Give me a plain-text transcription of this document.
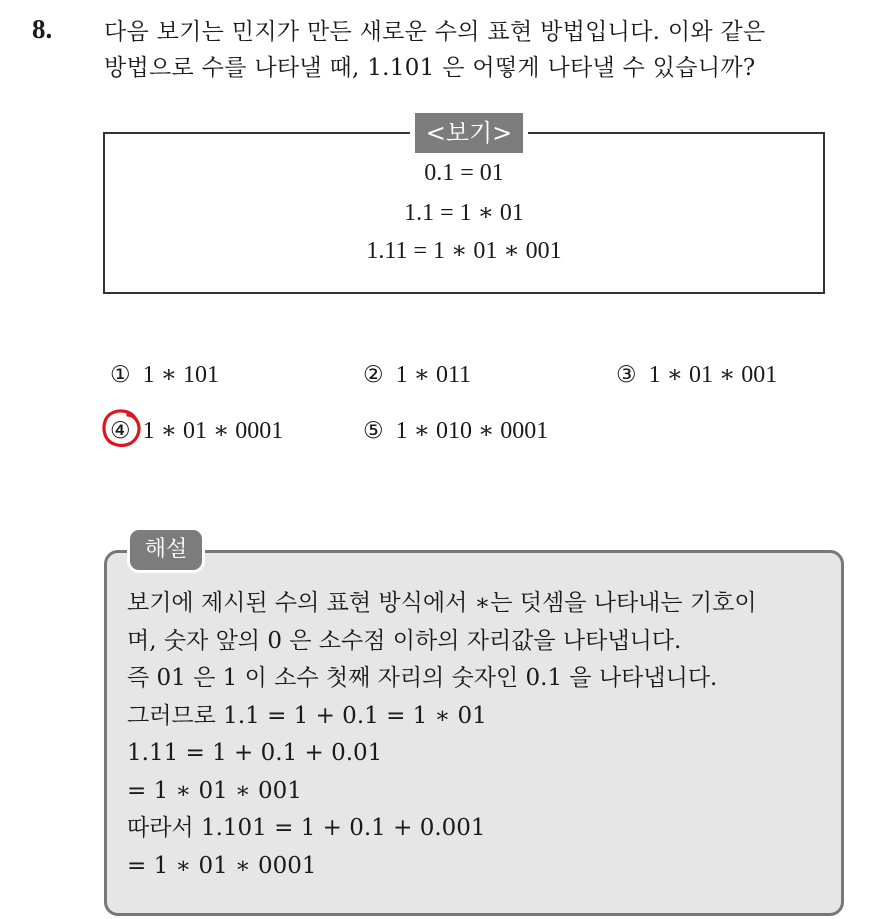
8. 다음 보기는 민지가 만든 새로운 수의 표현 방법입니다. 이와 같은
방법으로 수를 나타낼 때, 1.101 은 어떻게 나타낼 수 있습니까?
<보기>
0.1 = 01
1.1 = 1 ∗ 01
1.11 = 1 ∗ 01 ∗ 001
① 1 ∗ 101	② 1 ∗ 011	③ 1 ∗ 01 ∗ 001
④ 1 ∗ 01 ∗ 0001	⑤ 1 ∗ 010 ∗ 0001
해설
보기에 제시된 수의 표현 방식에서 ∗는 덧셈을 나타내는 기호이
며, 숫자 앞의 0 은 소수점 이하의 자리값을 나타냅니다.
즉 01 은 1 이 소수 첫째 자리의 숫자인 0.1 을 나타냅니다.
그러므로 1.1 = 1 + 0.1 = 1 ∗ 01
1.11 = 1 + 0.1 + 0.01
= 1 ∗ 01 ∗ 001
따라서 1.101 = 1 + 0.1 + 0.001
= 1 ∗ 01 ∗ 0001
